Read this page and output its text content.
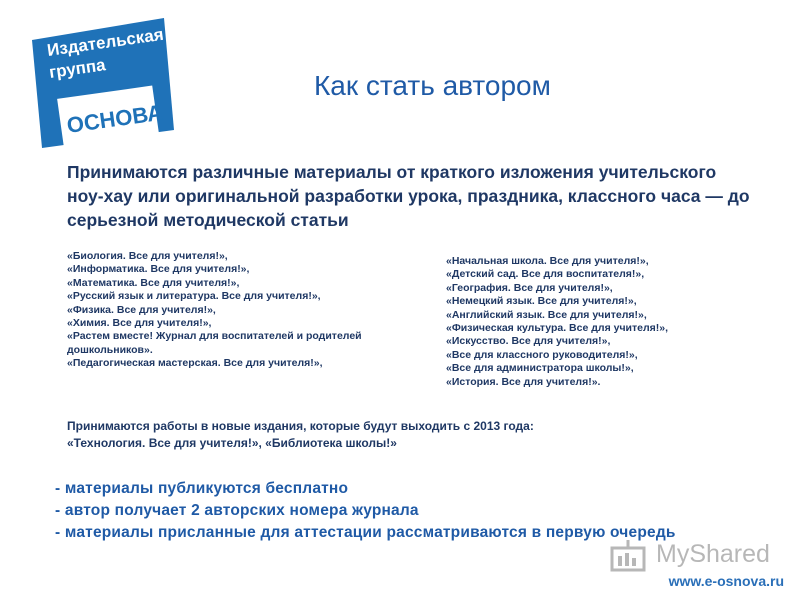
Издательская
группа
ОСНОВА
Как стать автором
Принимаются различные материалы от краткого изложения учительского ноу-хау или оригинальной разработки урока, праздника, классного часа — до серьезной методической статьи
«Биология. Все для учителя!»,
«Информатика. Все для учителя!»,
«Математика. Все для учителя!»,
«Русский язык и литература. Все для учителя!»,
«Физика. Все для учителя!»,
«Химия. Все для учителя!»,
«Растем вместе! Журнал для воспитателей и родителей дошкольников».
«Педагогическая мастерская. Все для учителя!»,
«Начальная школа. Все для учителя!»,
«Детский сад. Все для воспитателя!»,
«География. Все для учителя!»,
«Немецкий язык. Все для учителя!»,
«Английский язык. Все для учителя!»,
«Физическая культура. Все для учителя!»,
«Искусство. Все для учителя!»,
«Все для классного руководителя!»,
«Все для администратора школы!»,
«История. Все для учителя!».
Принимаются работы в новые издания, которые будут выходить с 2013 года:
«Технология. Все для учителя!», «Библиотека школы!»
- материалы публикуются бесплатно
- автор получает 2 авторских номера журнала
- материалы присланные для аттестации рассматриваются в первую очередь
MyShared
www.e-osnova.ru
